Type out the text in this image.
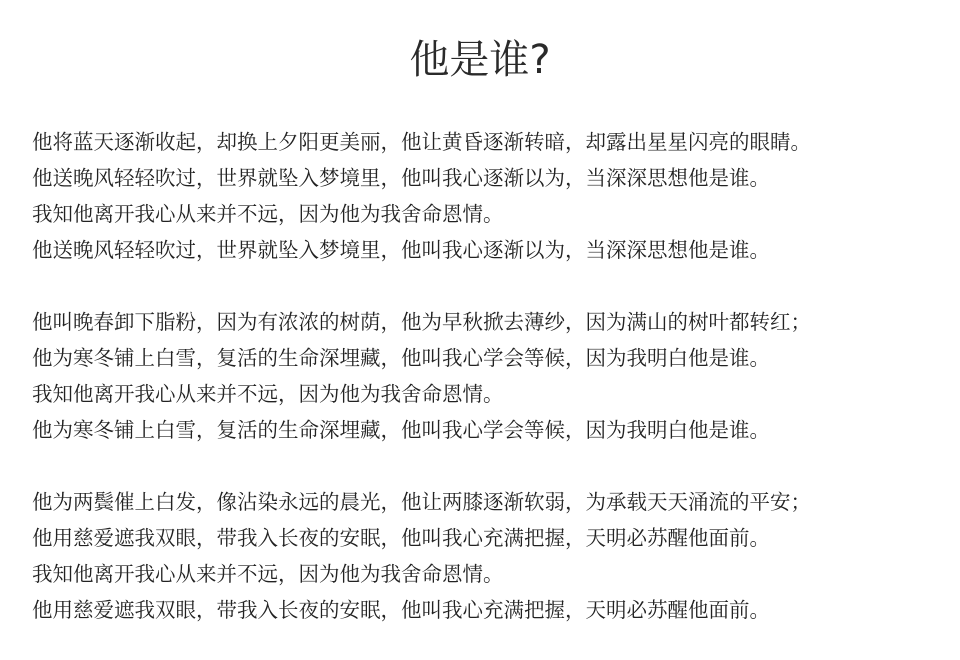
他是谁?
他将蓝天逐渐收起，却换上夕阳更美丽，他让黄昏逐渐转暗，却露出星星闪亮的眼睛。
他送晚风轻轻吹过，世界就坠入梦境里，他叫我心逐渐以为，当深深思想他是谁。
我知他离开我心从来并不远，因为他为我舍命恩情。
他送晚风轻轻吹过，世界就坠入梦境里，他叫我心逐渐以为，当深深思想他是谁。
他叫晚春卸下脂粉，因为有浓浓的树荫，他为早秋掀去薄纱，因为满山的树叶都转红；
他为寒冬铺上白雪，复活的生命深埋藏，他叫我心学会等候，因为我明白他是谁。
我知他离开我心从来并不远，因为他为我舍命恩情。
他为寒冬铺上白雪，复活的生命深埋藏，他叫我心学会等候，因为我明白他是谁。
他为两鬓催上白发，像沾染永远的晨光，他让两膝逐渐软弱，为承载天天涌流的平安；
他用慈爱遮我双眼，带我入长夜的安眠，他叫我心充满把握，天明必苏醒他面前。
我知他离开我心从来并不远，因为他为我舍命恩情。
他用慈爱遮我双眼，带我入长夜的安眠，他叫我心充满把握，天明必苏醒他面前。
